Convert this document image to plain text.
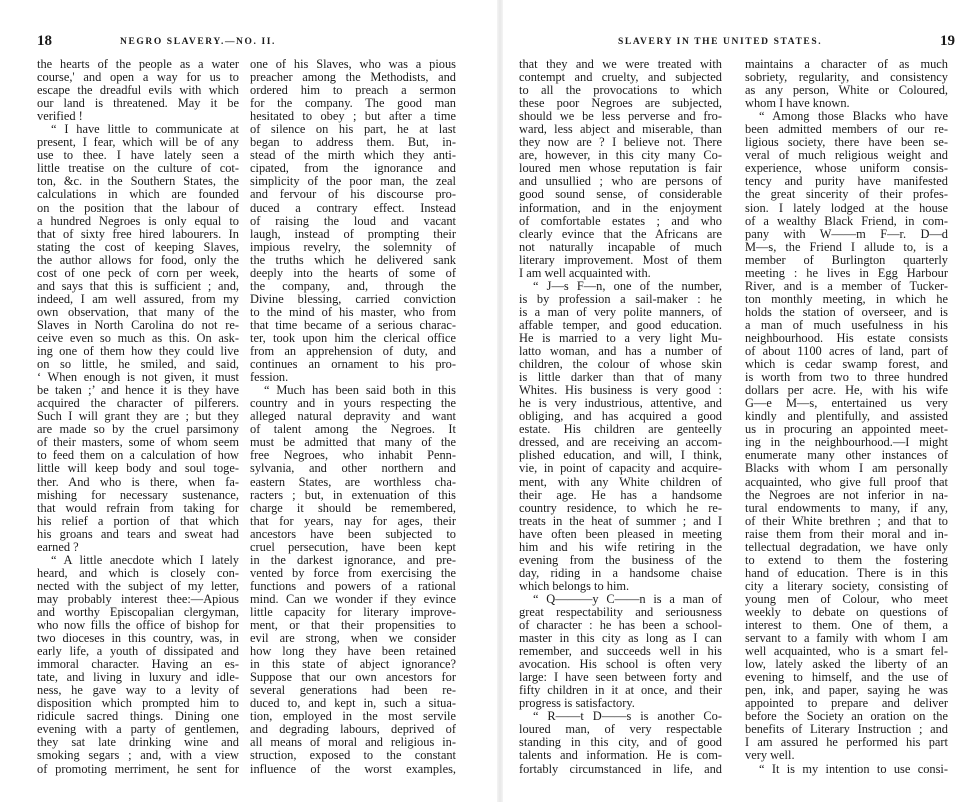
18	NEGRO SLAVERY.—NO. II.
the hearts of the people as a water
course,' and open a way for us to
escape the dreadful evils with which
our land is threatened. May it be
verified !
“ I have little to communicate at
present, I fear, which will be of any
use to thee. I have lately seen a
little treatise on the culture of cot-
ton, &c. in the Southern States, the
calculations in which are founded
on the position that the labour of
a hundred Negroes is only equal to
that of sixty free hired labourers. In
stating the cost of keeping Slaves,
the author allows for food, only the
cost of one peck of corn per week,
and says that this is sufficient ; and,
indeed, I am well assured, from my
own observation, that many of the
Slaves in North Carolina do not re-
ceive even so much as this. On ask-
ing one of them how they could live
on so little, he smiled, and said,
‘ When enough is not given, it must
be taken ;’ and hence it is they have
acquired the character of pilferers.
Such I will grant they are ; but they
are made so by the cruel parsimony
of their masters, some of whom seem
to feed them on a calculation of how
little will keep body and soul toge-
ther. And who is there, when fa-
mishing for necessary sustenance,
that would refrain from taking for
his relief a portion of that which
his groans and tears and sweat had
earned ?
“ A little anecdote which I lately
heard, and which is closely con-
nected with the subject of my letter,
may probably interest thee:—Apious
and worthy Episcopalian clergyman,
who now fills the office of bishop for
two dioceses in this country, was, in
early life, a youth of dissipated and
immoral character. Having an es-
tate, and living in luxury and idle-
ness, he gave way to a levity of
disposition which prompted him to
ridicule sacred things. Dining one
evening with a party of gentlemen,
they sat late drinking wine and
smoking segars ; and, with a view
of promoting merriment, he sent for
one of his Slaves, who was a pious
preacher among the Methodists, and
ordered him to preach a sermon
for the company. The good man
hesitated to obey ; but after a time
of silence on his part, he at last
began to address them. But, in-
stead of the mirth which they anti-
cipated, from the ignorance and
simplicity of the poor man, the zeal
and fervour of his discourse pro-
duced a contrary effect. Instead
of raising the loud and vacant
laugh, instead of prompting their
impious revelry, the solemnity of
the truths which he delivered sank
deeply into the hearts of some of
the company, and, through the
Divine blessing, carried conviction
to the mind of his master, who from
that time became of a serious charac-
ter, took upon him the clerical office
from an apprehension of duty, and
continues an ornament to his pro-
fession.
“ Much has been said both in this
country and in yours respecting the
alleged natural depravity and want
of talent among the Negroes. It
must be admitted that many of the
free Negroes, who inhabit Penn-
sylvania, and other northern and
eastern States, are worthless cha-
racters ; but, in extenuation of this
charge it should be remembered,
that for years, nay for ages, their
ancestors have been subjected to
cruel persecution, have been kept
in the darkest ignorance, and pre-
vented by force from exercising the
functions and powers of a rational
mind. Can we wonder if they evince
little capacity for literary improve-
ment, or that their propensities to
evil are strong, when we consider
how long they have been retained
in this state of abject ignorance?
Suppose that our own ancestors for
several generations had been re-
duced to, and kept in, such a situa-
tion, employed in the most servile
and degrading labours, deprived of
all means of moral and religious in-
struction, exposed to the constant
influence of the worst examples,
SLAVERY IN THE UNITED STATES.	19
that they and we were treated with
contempt and cruelty, and subjected
to all the provocations to which
these poor Negroes are subjected,
should we be less perverse and fro-
ward, less abject and miserable, than
they now are ? I believe not. There
are, however, in this city many Co-
loured men whose reputation is fair
and unsullied ; who are persons of
good sound sense, of considerable
information, and in the enjoyment
of comfortable estates ; and who
clearly evince that the Africans are
not naturally incapable of much
literary improvement. Most of them
I am well acquainted with.
“ J—s F—n, one of the number,
is by profession a sail-maker : he
is a man of very polite manners, of
affable temper, and good education.
He is married to a very light Mu-
latto woman, and has a number of
children, the colour of whose skin
is little darker than that of many
Whites. His business is very good :
he is very industrious, attentive, and
obliging, and has acquired a good
estate. His children are genteelly
dressed, and are receiving an accom-
plished education, and will, I think,
vie, in point of capacity and acquire-
ment, with any White children of
their age. He has a handsome
country residence, to which he re-
treats in the heat of summer ; and I
have often been pleased in meeting
him and his wife retiring in the
evening from the business of the
day, riding in a handsome chaise
which belongs to him.
“ Q———y C——n is a man of
great respectability and seriousness
of character : he has been a school-
master in this city as long as I can
remember, and succeeds well in his
avocation. His school is often very
large: I have seen between forty and
fifty children in it at once, and their
progress is satisfactory.
“ R——t D——s is another Co-
loured man, of very respectable
standing in this city, and of good
talents and information. He is com-
fortably circumstanced in life, and
maintains a character of as much
sobriety, regularity, and consistency
as any person, White or Coloured,
whom I have known.
“ Among those Blacks who have
been admitted members of our re-
ligious society, there have been se-
veral of much religious weight and
experience, whose uniform consis-
tency and purity have manifested
the great sincerity of their profes-
sion. I lately lodged at the house
of a wealthy Black Friend, in com-
pany with W——m F—r. D—d
M—s, the Friend I allude to, is a
member of Burlington quarterly
meeting : he lives in Egg Harbour
River, and is a member of Tucker-
ton monthly meeting, in which he
holds the station of overseer, and is
a man of much usefulness in his
neighbourhood. His estate consists
of about 1100 acres of land, part of
which is cedar swamp forest, and
is worth from two to three hundred
dollars per acre. He, with his wife
G—e M—s, entertained us very
kindly and plentifully, and assisted
us in procuring an appointed meet-
ing in the neighbourhood.—I might
enumerate many other instances of
Blacks with whom I am personally
acquainted, who give full proof that
the Negroes are not inferior in na-
tural endowments to many, if any,
of their White brethren ; and that to
raise them from their moral and in-
tellectual degradation, we have only
to extend to them the fostering
hand of education. There is in this
city a literary society, consisting of
young men of Colour, who meet
weekly to debate on questions of
interest to them. One of them, a
servant to a family with whom I am
well acquainted, who is a smart fel-
low, lately asked the liberty of an
evening to himself, and the use of
pen, ink, and paper, saying he was
appointed to prepare and deliver
before the Society an oration on the
benefits of Literary Instruction ; and
I am assured he performed his part
very well.
“ It is my intention to use consi-
